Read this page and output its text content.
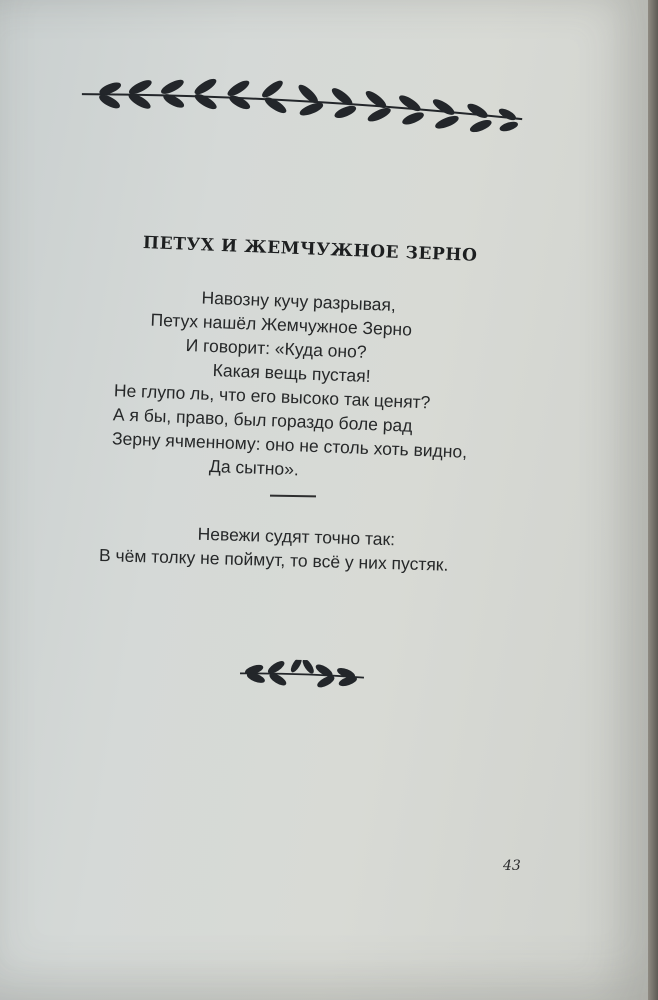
ПЕТУХ И ЖЕМЧУЖНОЕ ЗЕРНО
Навозну кучу разрывая,
Петух нашёл Жемчужное Зерно
И говорит: «Куда оно?
Какая вещь пустая!
Не глупо ль, что его высоко так ценят?
А я бы, право, был гораздо боле рад
Зерну ячменному: оно не столь хоть видно,
Да сытно».
Невежи судят точно так:
В чём толку не поймут, то всё у них пустяк.
43
